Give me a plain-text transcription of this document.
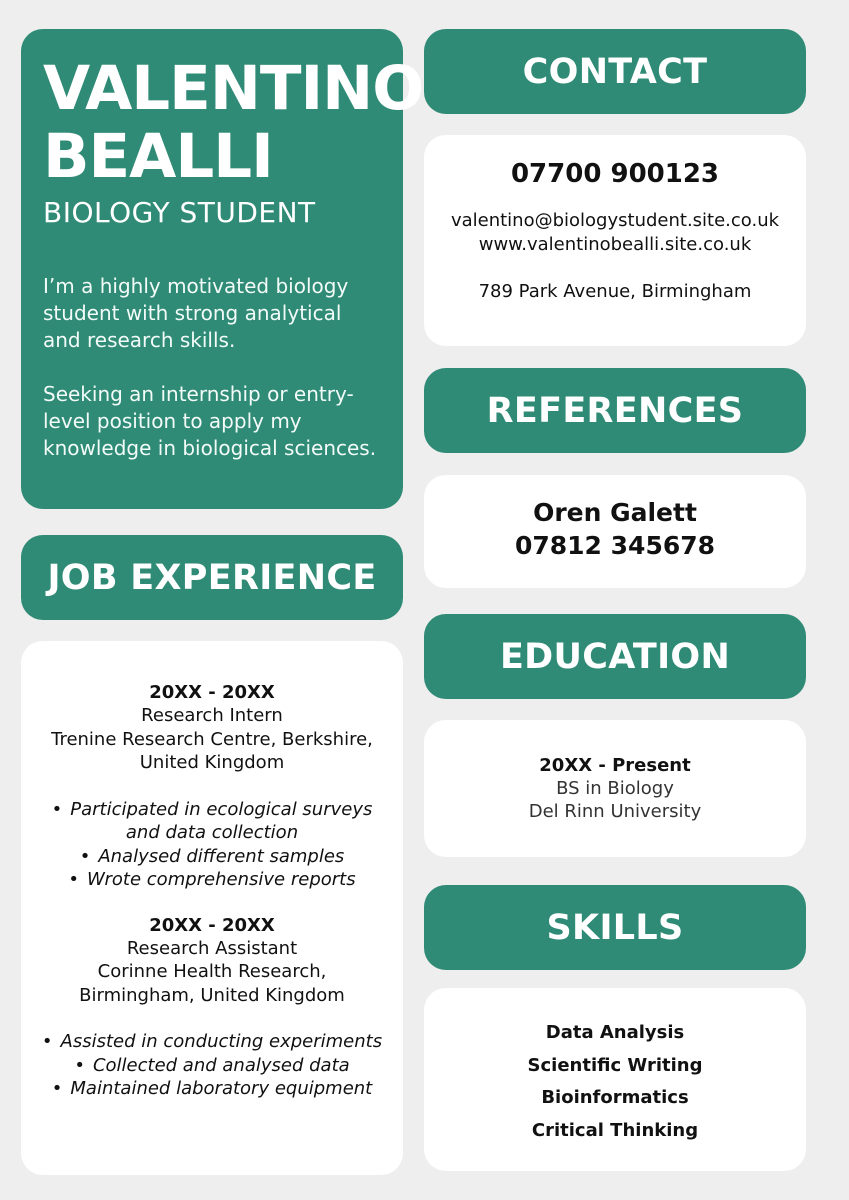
VALENTINO
BEALLI
BIOLOGY STUDENT

I’m a highly motivated biology student with strong analytical and research skills.

Seeking an internship or entry-level position to apply my knowledge in biological sciences.

JOB EXPERIENCE
CONTACT
REFERENCES
EDUCATION
SKILLS
20XX - 20XX
Research Intern
Trenine Research Centre, Berkshire,
United Kingdom
• Participated in ecological surveys
and data collection
• Analysed different samples
• Wrote comprehensive reports
20XX - 20XX
Research Assistant
Corinne Health Research,
Birmingham, United Kingdom
• Assisted in conducting experiments
• Collected and analysed data
• Maintained laboratory equipment
07700 900123
valentino@biologystudent.site.co.uk
www.valentinobealli.site.co.uk
789 Park Avenue, Birmingham
Oren Galett
07812 345678
20XX - Present
BS in Biology
Del Rinn University
Data Analysis
Scientific Writing
Bioinformatics
Critical Thinking
